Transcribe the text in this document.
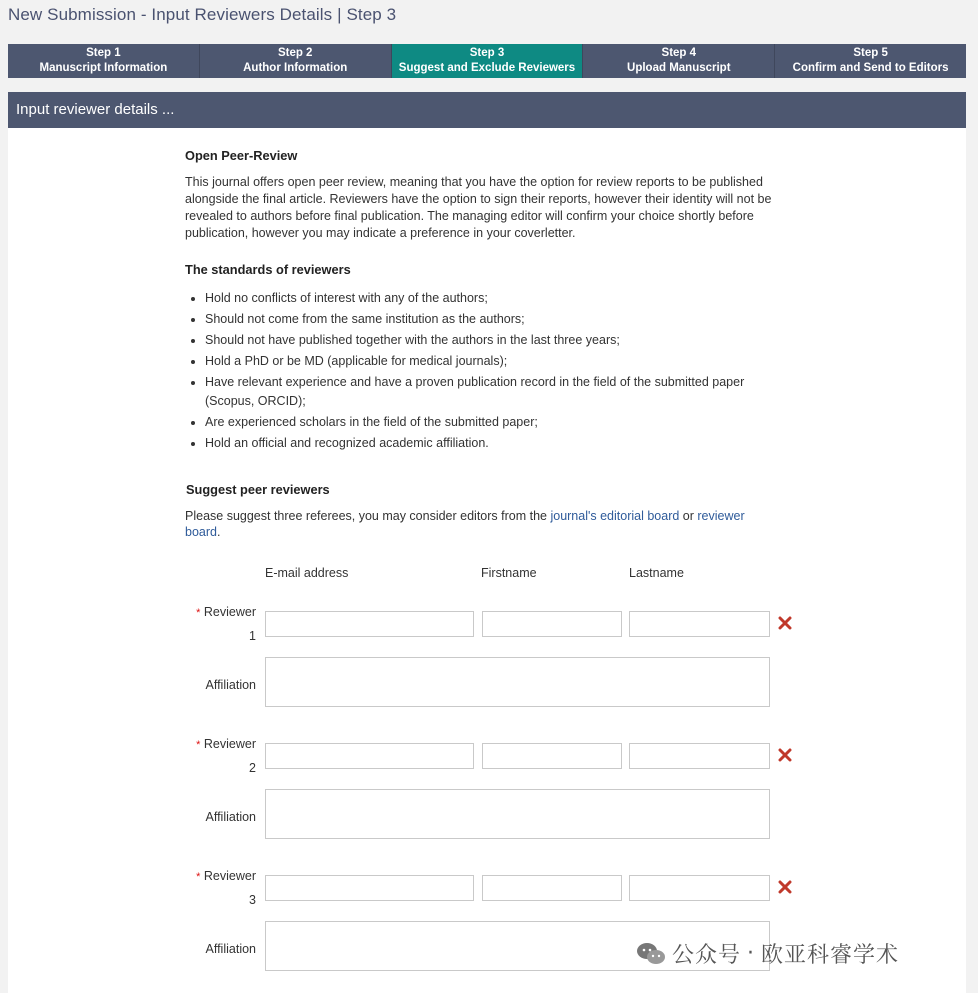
New Submission - Input Reviewers Details | Step 3
Step 1
Manuscript Information
Step 2
Author Information
Step 3
Suggest and Exclude Reviewers
Step 4
Upload Manuscript
Step 5
Confirm and Send to Editors
Input reviewer details ...
Open Peer-Review

This journal offers open peer review, meaning that you have the option for review reports to be published

alongside the final article. Reviewers have the option to sign their reports, however their identity will not be

revealed to authors before final publication. The managing editor will confirm your choice shortly before

publication, however you may indicate a preference in your coverletter.

The standards of reviewers
• Hold no conflicts of interest with any of the authors;
• Should not come from the same institution as the authors;
• Should not have published together with the authors in the last three years;
• Hold a PhD or be MD (applicable for medical journals);
• Have relevant experience and have a proven publication record in the field of the submitted paper (Scopus, ORCID);
• Are experienced scholars in the field of the submitted paper;
• Hold an official and recognized academic affiliation.
Suggest peer reviewers
Please suggest three referees, you may consider editors from the journal's editorial board or reviewer
board.
E-mail address	Firstname	Lastname
* Reviewer
1
Affiliation
* Reviewer
2
Affiliation
* Reviewer
3
Affiliation	公众号 · 欧亚科睿学术
